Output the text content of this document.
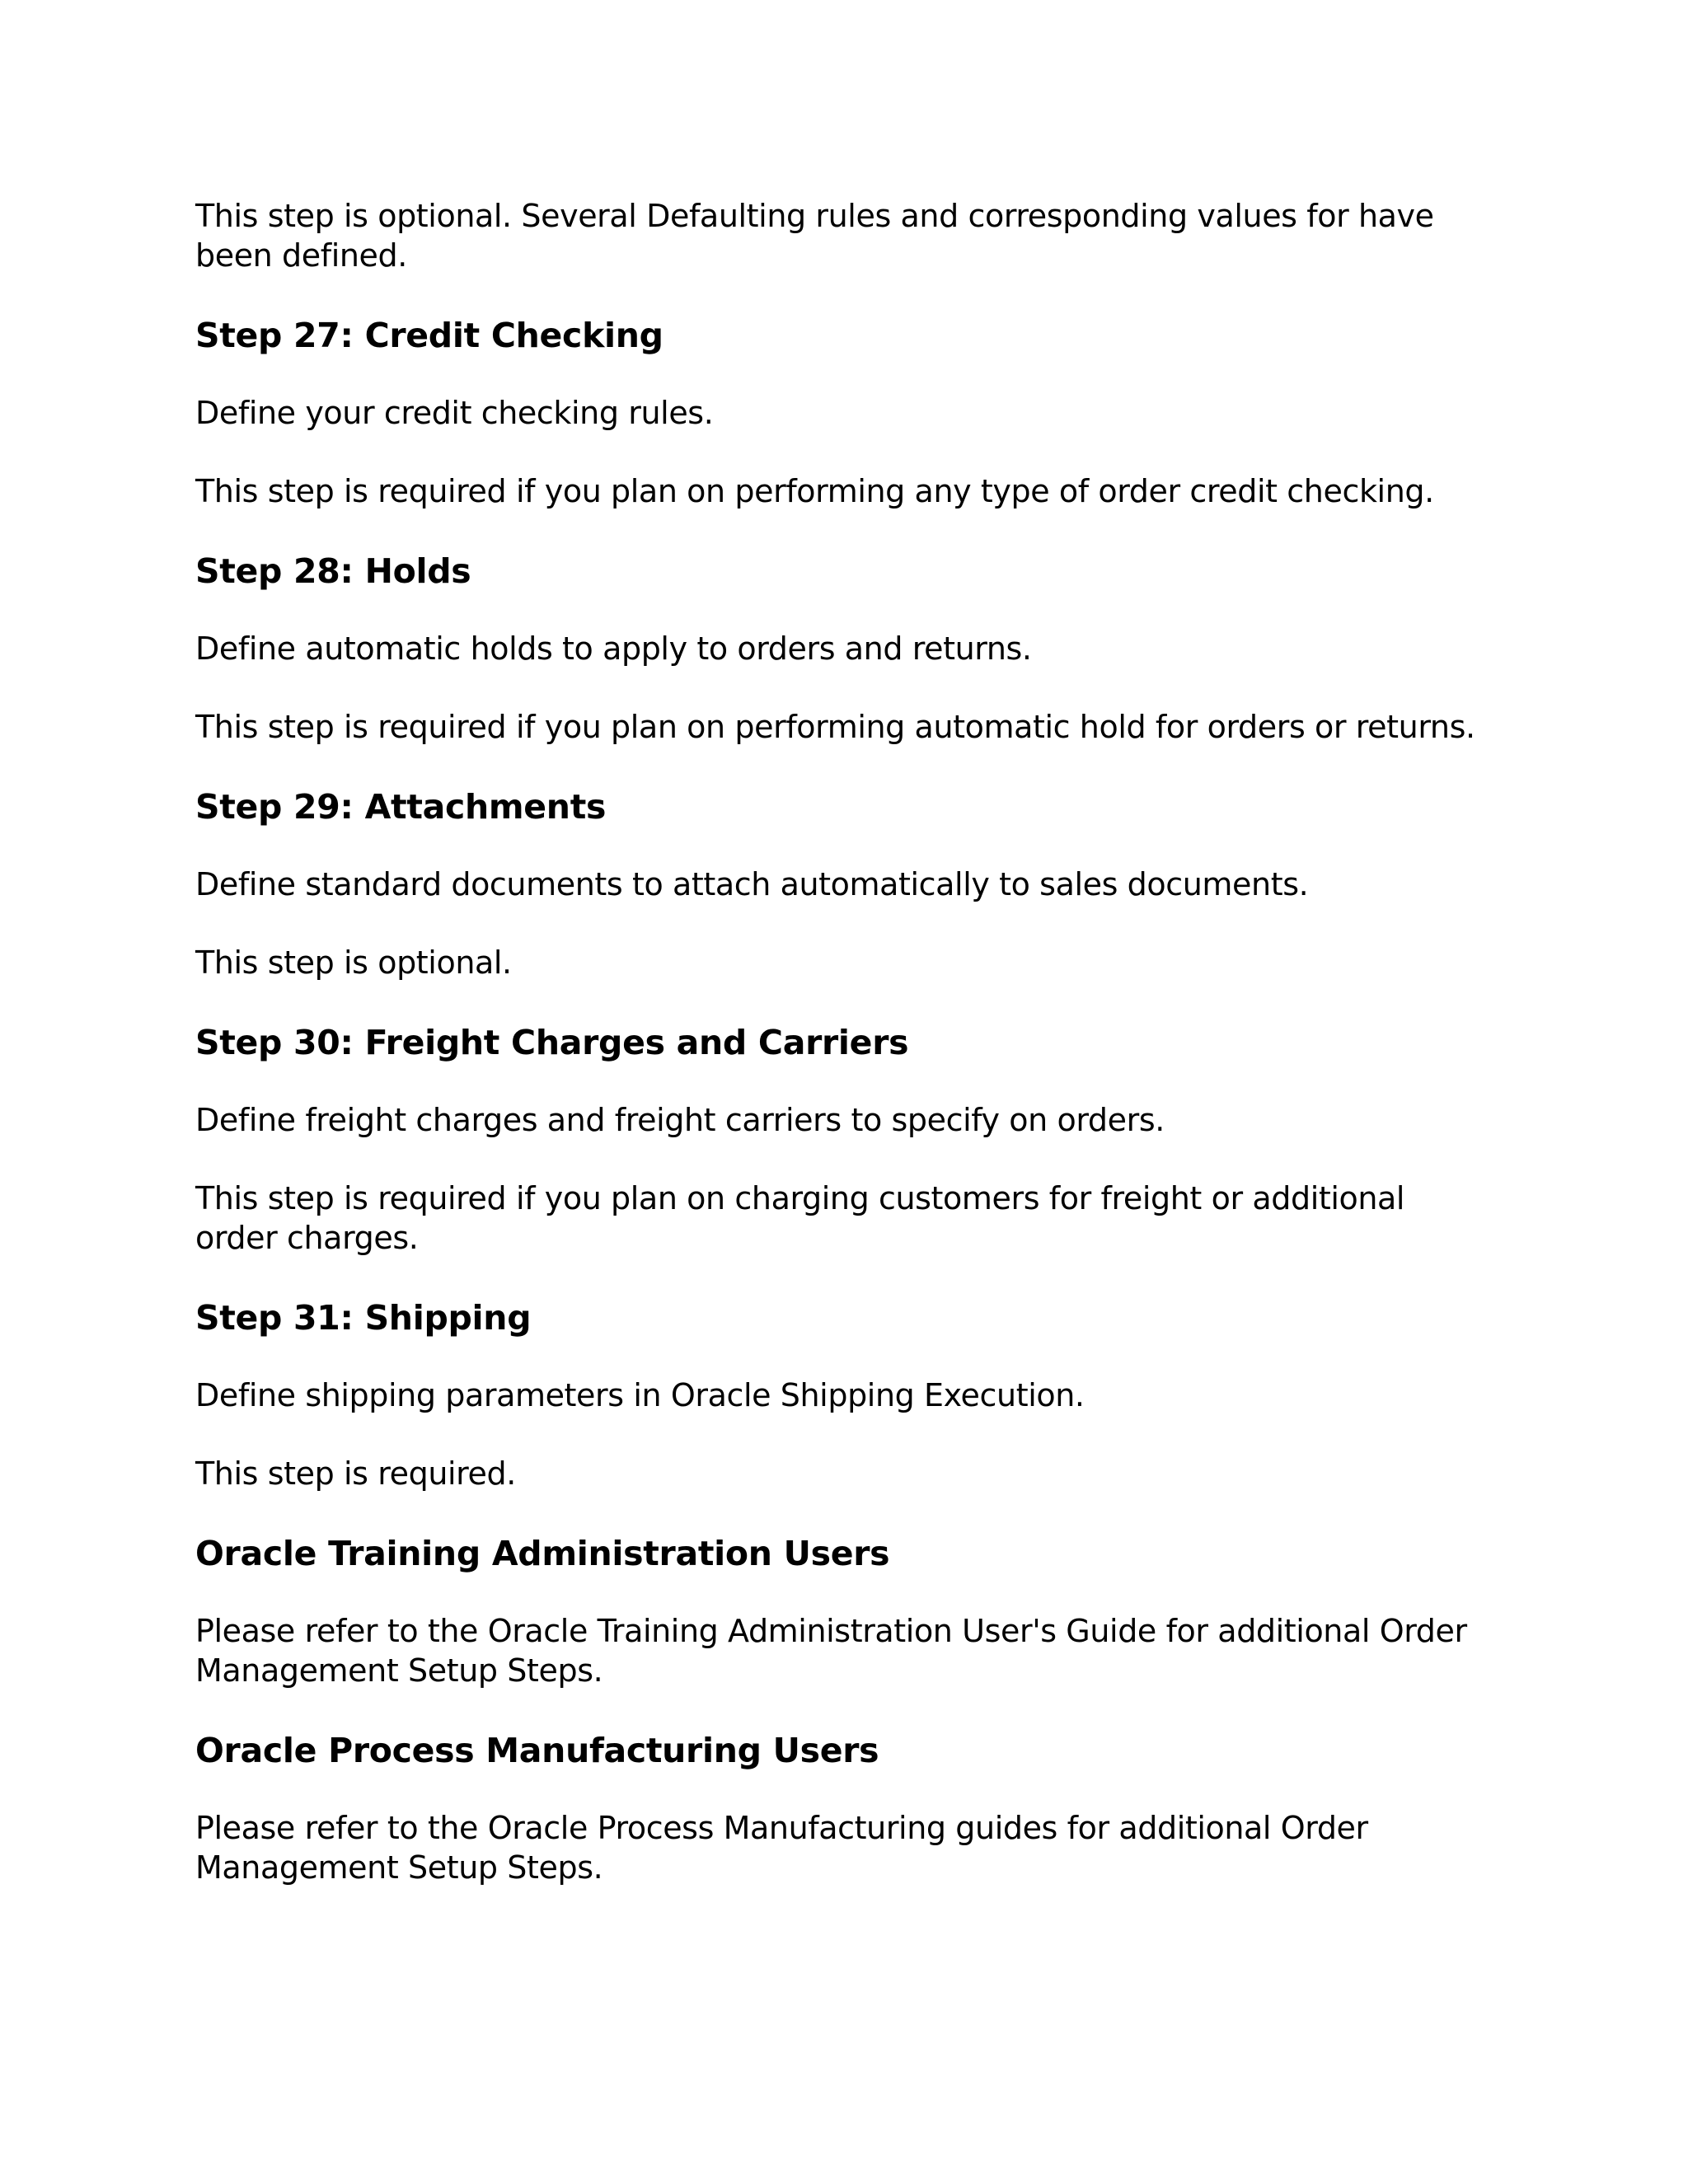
This step is optional. Several Defaulting rules and corresponding values for have been defined.

Step 27: Credit Checking

Define your credit checking rules.

This step is required if you plan on performing any type of order credit checking.

Step 28: Holds

Define automatic holds to apply to orders and returns.

This step is required if you plan on performing automatic hold for orders or returns.

Step 29: Attachments

Define standard documents to attach automatically to sales documents.

This step is optional.

Step 30: Freight Charges and Carriers

Define freight charges and freight carriers to specify on orders.

This step is required if you plan on charging customers for freight or additional order charges.

Step 31: Shipping

Define shipping parameters in Oracle Shipping Execution.

This step is required.

Oracle Training Administration Users

Please refer to the Oracle Training Administration User's Guide for additional Order Management Setup Steps.

Oracle Process Manufacturing Users

Please refer to the Oracle Process Manufacturing guides for additional Order Management Setup Steps.
